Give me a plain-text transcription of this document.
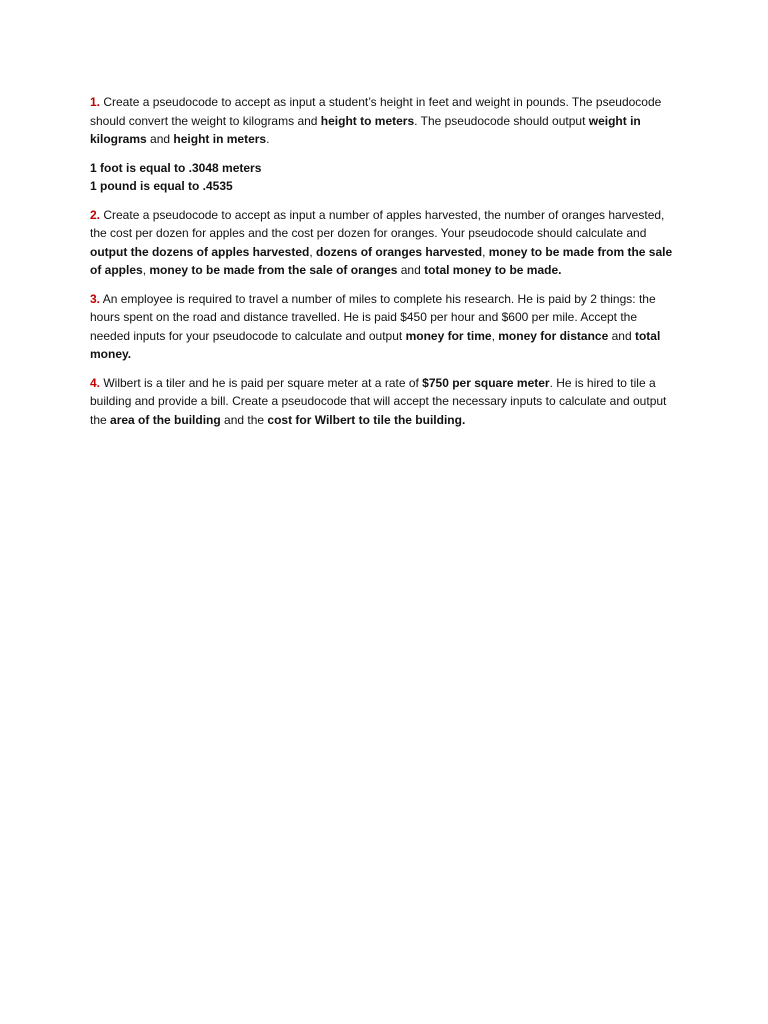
1. Create a pseudocode to accept as input a student’s height in feet and weight in pounds. The pseudocode should convert the weight to kilograms and height to meters. The pseudocode should output weight in kilograms and height in meters.

1 foot is equal to .3048 meters
1 pound is equal to .4535

2. Create a pseudocode to accept as input a number of apples harvested, the number of oranges harvested, the cost per dozen for apples and the cost per dozen for oranges. Your pseudocode should calculate and output the dozens of apples harvested, dozens of oranges harvested, money to be made from the sale of apples, money to be made from the sale of oranges and total money to be made.

3. An employee is required to travel a number of miles to complete his research. He is paid by 2 things: the hours spent on the road and distance travelled. He is paid $450 per hour and $600 per mile. Accept the needed inputs for your pseudocode to calculate and output money for time, money for distance and total money.

4. Wilbert is a tiler and he is paid per square meter at a rate of $750 per square meter. He is hired to tile a building and provide a bill. Create a pseudocode that will accept the necessary inputs to calculate and output the area of the building and the cost for Wilbert to tile the building.
